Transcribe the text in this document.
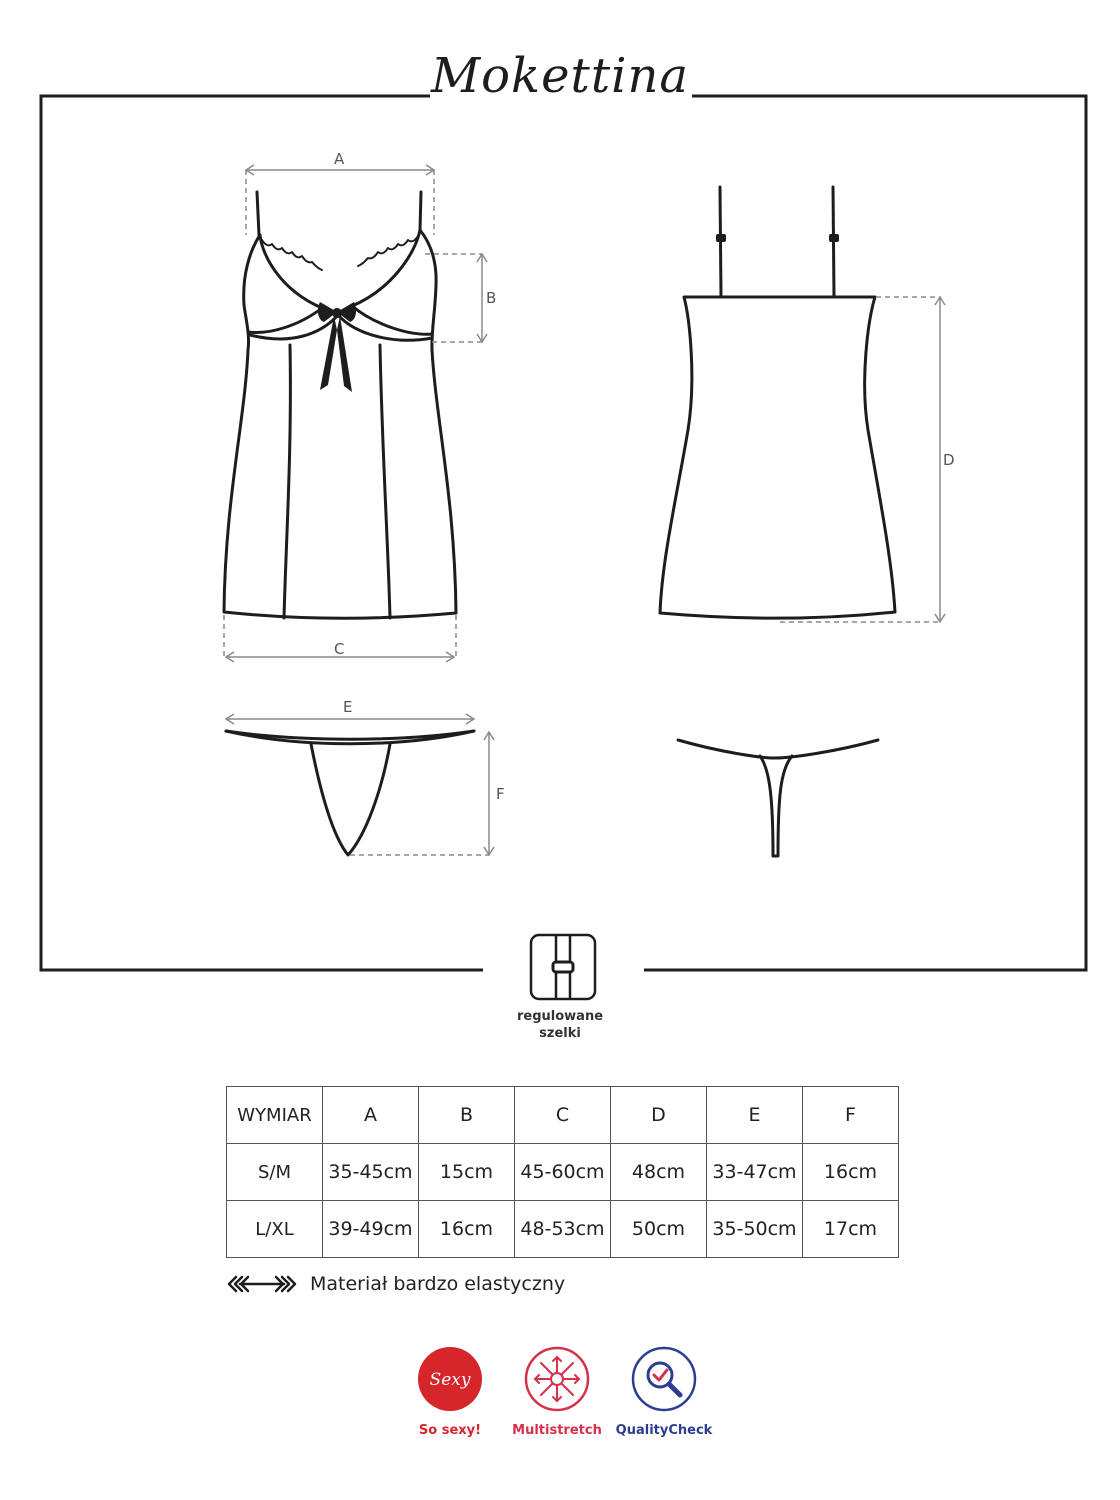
A
B
C
D
E
F
Mokettina
regulowane
szelki
WYMIAR	A	B	C	D	E	F
S/M	35-45cm	15cm	45-60cm	48cm	33-47cm	16cm
L/XL	39-49cm	16cm	48-53cm	50cm	35-50cm	17cm
Materiał bardzo elastyczny
Sexy
So sexy!	Multistretch	QualityCheck
